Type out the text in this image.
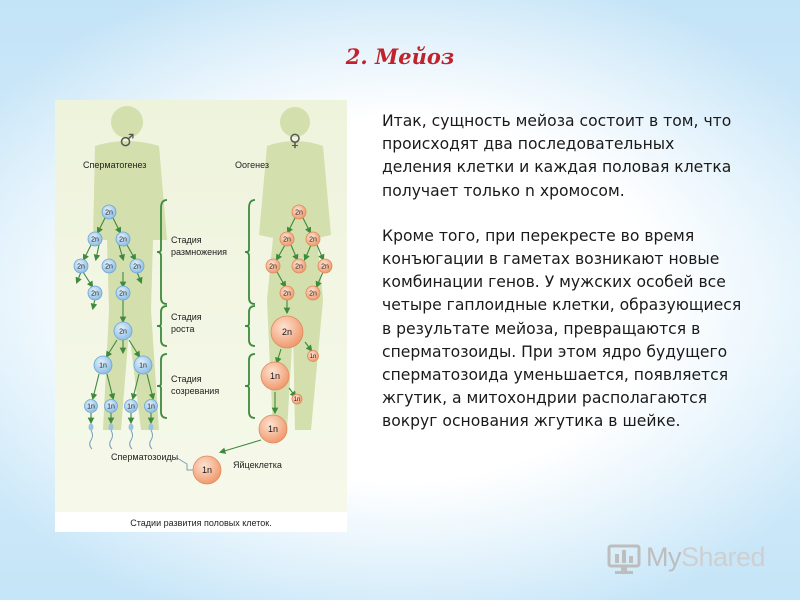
2. Мейоз
♂	♀
Сперматогенез	Оогенез
Стадия
размножения
Стадия
роста
Стадия
созревания
2n
2n	2n
2n	2n	2n
2n	2n
2n
1n	1n
1n 1n 1n 1n
2n
2n	2n
2n	2n	2n
2n	2n
2n
1n
1n
1n
1n
1n
Сперматозоиды
Яйцеклетка
Стадии развития половых клеток.

Итак, сущность мейоза состоит в том, что происходят два последовательных деления клетки и каждая половая клетка получает только n хромосом.

Кроме того, при перекресте во время конъюгации в гаметах возникают новые комбинации генов. У мужских особей все четыре гаплоидные клетки, образующиеся в результате мейоза, превращаются в сперматозоиды. При этом ядро будущего сперматозоида уменьшается, появляется жгутик, а митохондрии располагаются вокруг основания жгутика в шейке.

MyShared
